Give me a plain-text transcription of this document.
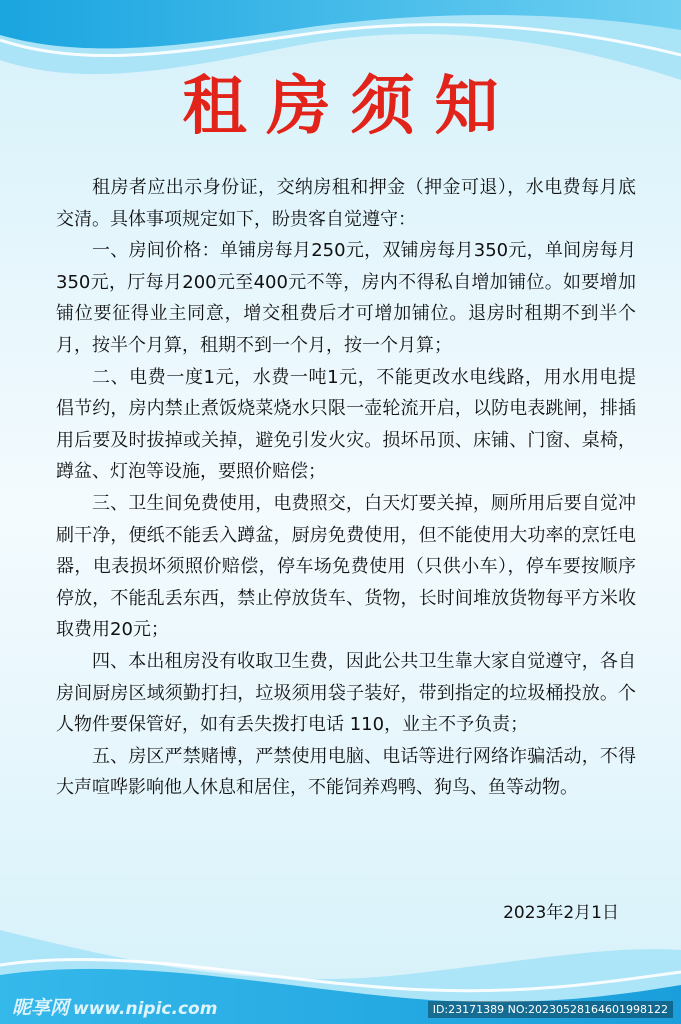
租房须知

租房者应出示身份证，交纳房租和押金（押金可退），水电费每月底交清。具体事项规定如下，盼贵客自觉遵守：

一、房间价格：单铺房每月250元，双铺房每月350元，单间房每月350元，厅每月200元至400元不等，房内不得私自增加铺位。如要增加铺位要征得业主同意，增交租费后才可增加铺位。退房时租期不到半个月，按半个月算，租期不到一个月，按一个月算；

二、电费一度1元，水费一吨1元，不能更改水电线路，用水用电提倡节约，房内禁止煮饭烧菜烧水只限一壶轮流开启，以防电表跳闸，排插用后要及时拔掉或关掉，避免引发火灾。损坏吊顶、床铺、门窗、桌椅，蹲盆、灯泡等设施，要照价赔偿；

三、卫生间免费使用，电费照交，白天灯要关掉，厕所用后要自觉冲刷干净，便纸不能丢入蹲盆，厨房免费使用，但不能使用大功率的烹饪电器，电表损坏须照价赔偿，停车场免费使用（只供小车），停车要按顺序停放，不能乱丢东西，禁止停放货车、货物，长时间堆放货物每平方米收取费用20元；

四、本出租房没有收取卫生费，因此公共卫生靠大家自觉遵守，各自房间厨房区域须勤打扫，垃圾须用袋子装好，带到指定的垃圾桶投放。个人物件要保管好，如有丢失拨打电话 110，业主不予负责；

五、房区严禁赌博，严禁使用电脑、电话等进行网络诈骗活动，不得大声喧哗影响他人休息和居住，不能饲养鸡鸭、狗鸟、鱼等动物。

2023年2月1日
昵享网 www.nipic.com	ID:23171389 NO:20230528164601998122
